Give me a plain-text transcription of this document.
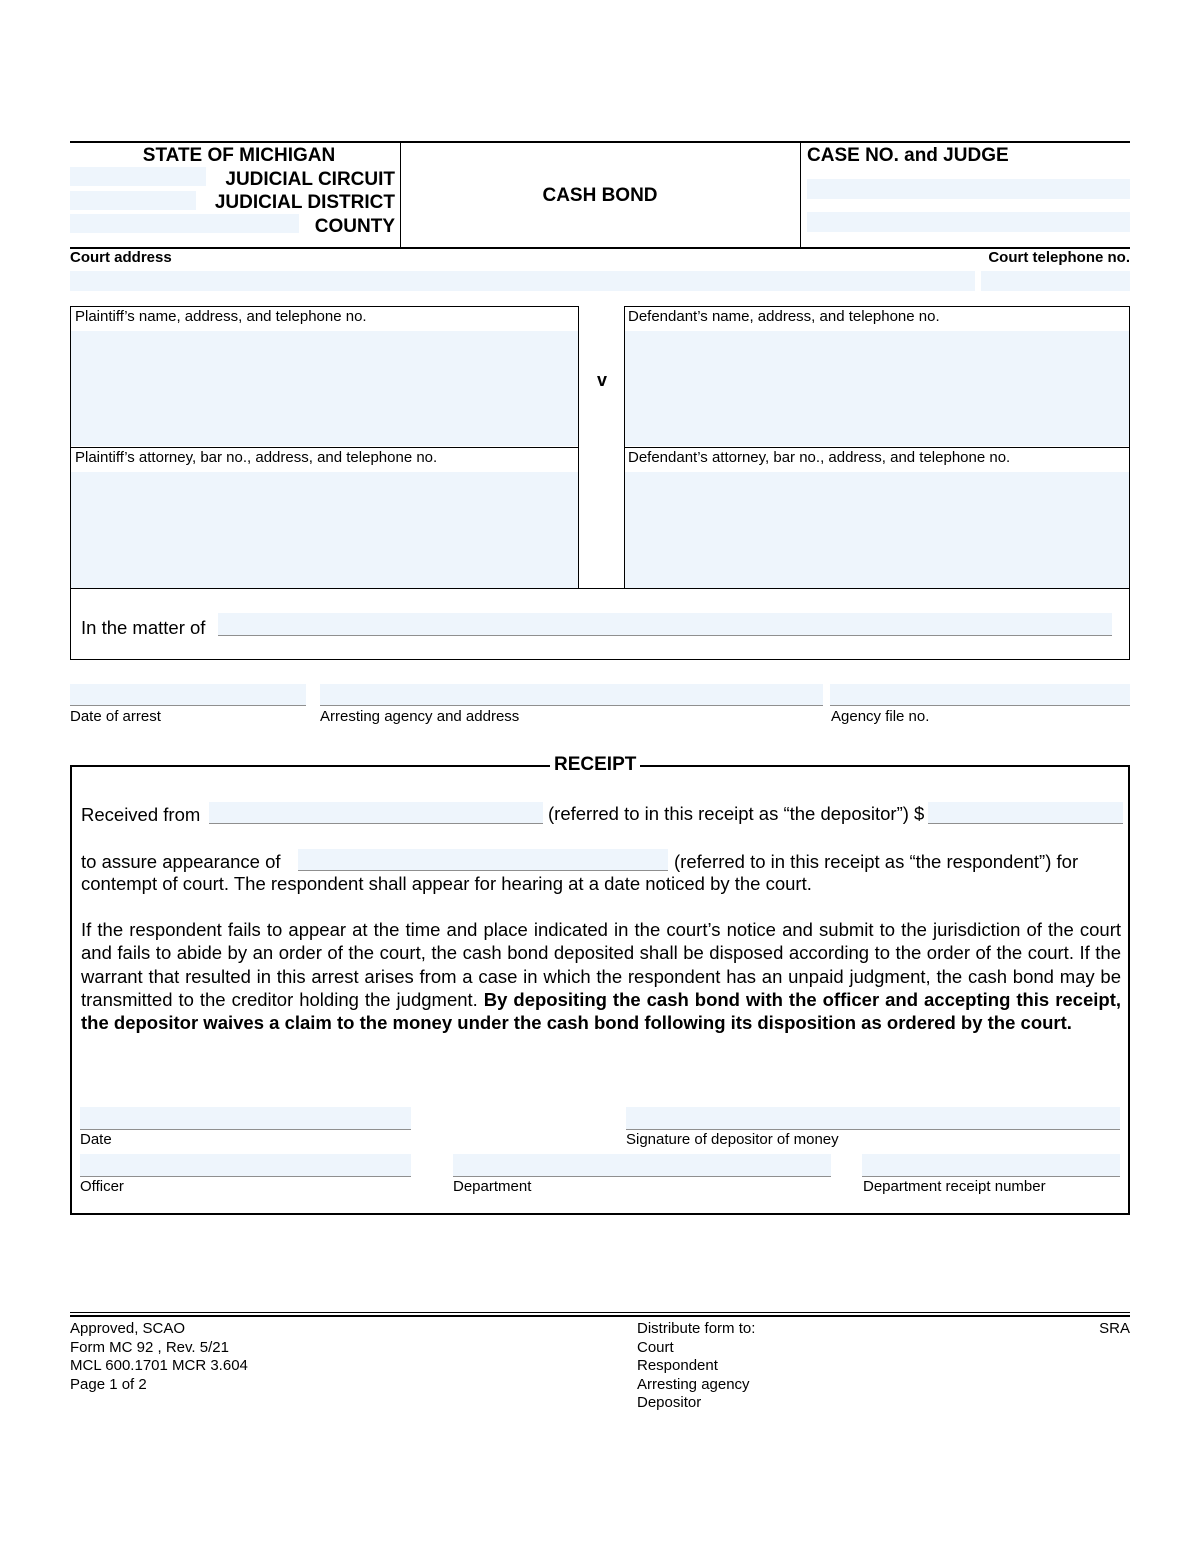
STATE OF MICHIGAN
JUDICIAL CIRCUIT
JUDICIAL DISTRICT
COUNTY
CASH BOND
CASE NO. and JUDGE
Court address	Court telephone no.
Plaintiff’s name, address, and telephone no.
Plaintiff’s attorney, bar no., address, and telephone no.
v
Defendant’s name, address, and telephone no.
Defendant’s attorney, bar no., address, and telephone no.
In the matter of
Date of arrest	Arresting agency and address	Agency file no.
RECEIPT
Received from	(referred to in this receipt as “the depositor”) $
to assure appearance of	(referred to in this receipt as “the respondent”) for
contempt of court. The respondent shall appear for hearing at a date noticed by the court.
If the respondent fails to appear at the time and place indicated in the court’s notice and submit to the jurisdiction of the court and fails to abide by an order of the court, the cash bond deposited shall be disposed according to the order of the court. If the warrant that resulted in this arrest arises from a case in which the respondent has an unpaid judgment, the cash bond may be transmitted to the creditor holding the judgment. By depositing the cash bond with the officer and accepting this receipt, the depositor waives a claim to the money under the cash bond following its disposition as ordered by the court.
Date	Signature of depositor of money
Officer	Department	Department receipt number
Approved, SCAO
Form MC 92 , Rev. 5/21
MCL 600.1701 MCR 3.604
Page 1 of 2
Distribute form to:
Court
Respondent
Arresting agency
Depositor
SRA
